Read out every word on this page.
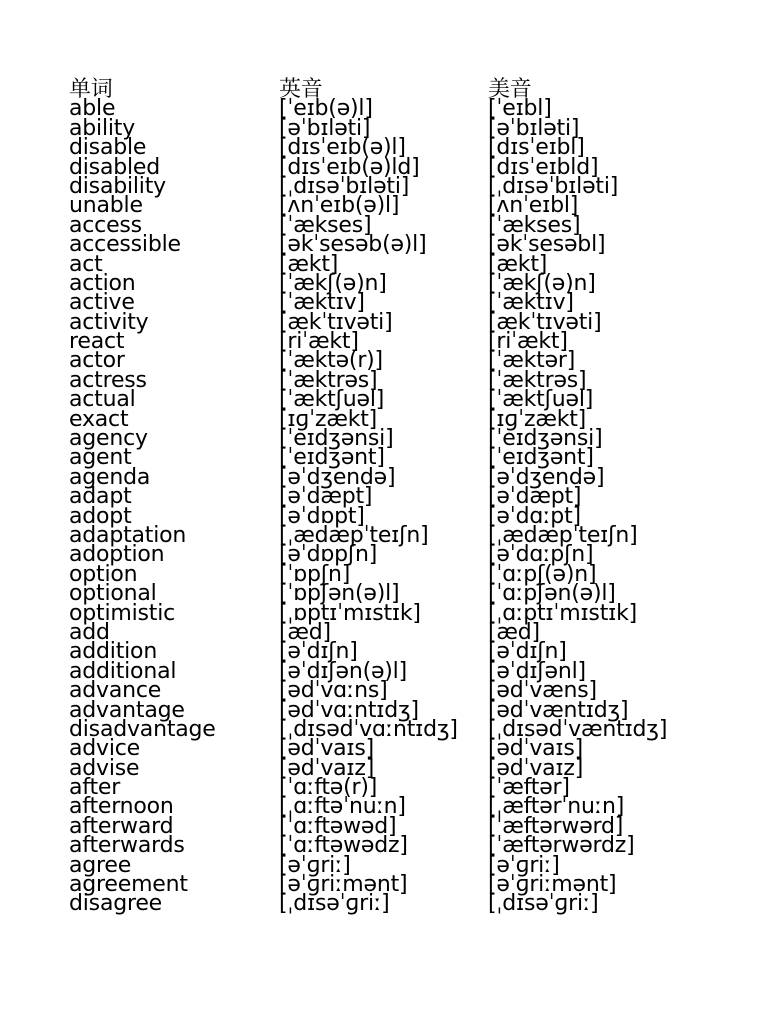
单词	英音	美音
able	[ˈeɪb(ə)l]	[ˈeɪbl]
ability	[əˈbɪləti]	[əˈbɪləti]
disable	[dɪsˈeɪb(ə)l]	[dɪsˈeɪbl]
disabled	[dɪsˈeɪb(ə)ld]	[dɪsˈeɪbld]
disability	[ˌdɪsəˈbɪləti]	[ˌdɪsəˈbɪləti]
unable	[ʌnˈeɪb(ə)l]	[ʌnˈeɪbl]
access	[ˈækses]	[ˈækses]
accessible	[əkˈsesəb(ə)l]	[əkˈsesəbl]
act	[ækt]	[ækt]
action	[ˈækʃ(ə)n]	[ˈækʃ(ə)n]
active	[ˈæktɪv]	[ˈæktɪv]
activity	[ækˈtɪvəti]	[ækˈtɪvəti]
react	[riˈækt]	[riˈækt]
actor	[ˈæktə(r)]	[ˈæktər]
actress	[ˈæktrəs]	[ˈæktrəs]
actual	[ˈæktʃuəl]	[ˈæktʃuəl]
exact	[ɪɡˈzækt]	[ɪɡˈzækt]
agency	[ˈeɪdʒənsi]	[ˈeɪdʒənsi]
agent	[ˈeɪdʒənt]	[ˈeɪdʒənt]
agenda	[əˈdʒendə]	[əˈdʒendə]
adapt	[əˈdæpt]	[əˈdæpt]
adopt	[əˈdɒpt]	[əˈdɑːpt]
adaptation	[ˌædæpˈteɪʃn]	[ˌædæpˈteɪʃn]
adoption	[əˈdɒpʃn]	[əˈdɑːpʃn]
option	[ˈɒpʃn]	[ˈɑːpʃ(ə)n]
optional	[ˈɒpʃən(ə)l]	[ˈɑːpʃən(ə)l]
optimistic	[ˌɒptɪˈmɪstɪk]	[ˌɑːptɪˈmɪstɪk]
add	[æd]	[æd]
addition	[əˈdɪʃn]	[əˈdɪʃn]
additional	[əˈdɪʃən(ə)l]	[əˈdɪʃənl]
advance	[ədˈvɑːns]	[ədˈvæns]
advantage	[ədˈvɑːntɪdʒ]	[ədˈvæntɪdʒ]
disadvantage	[ˌdɪsədˈvɑːntɪdʒ]	[ˌdɪsədˈvæntɪdʒ]
advice	[ədˈvaɪs]	[ədˈvaɪs]
advise	[ədˈvaɪz]	[ədˈvaɪz]
after	[ˈɑːftə(r)]	[ˈæftər]
afternoon	[ˌɑːftəˈnuːn]	[ˌæftərˈnuːn]
afterward	[ˈɑːftəwəd]	[ˈæftərwərd]
afterwards	[ˈɑːftəwədz]	[ˈæftərwərdz]
agree	[əˈɡriː]	[əˈɡriː]
agreement	[əˈɡriːmənt]	[əˈɡriːmənt]
disagree	[ˌdɪsəˈɡriː]	[ˌdɪsəˈɡriː]
